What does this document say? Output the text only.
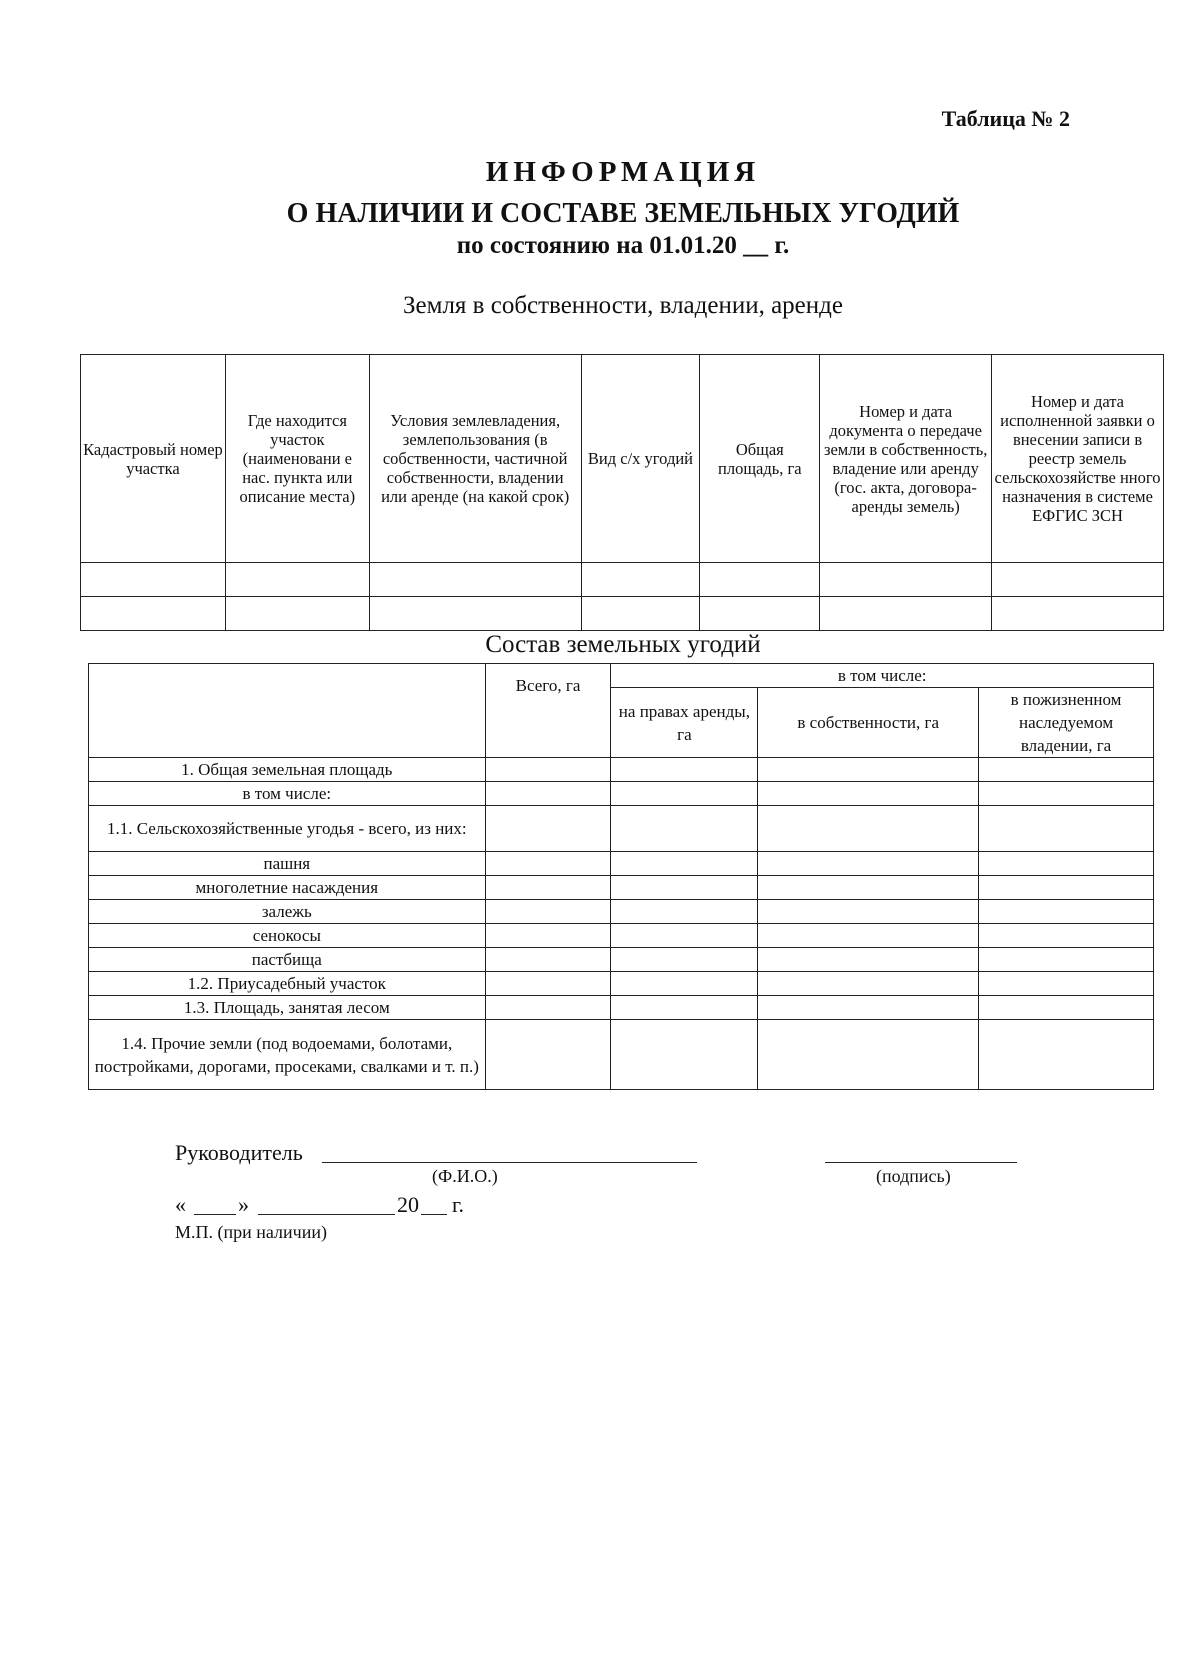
Таблица № 2
ИНФОРМАЦИЯ
О НАЛИЧИИ И СОСТАВЕ ЗЕМЕЛЬНЫХ УГОДИЙ
по состоянию на 01.01.20 __ г.
Земля в собственности, владении, аренде
Кадастровый номер участка	Где находится участок (наименовани е нас. пункта или описание места)	Условия землевладения, землепользования (в собственности, частичной собственности, владении или аренде (на какой срок)	Вид с/х угодий	Общая площадь, га	Номер и дата документа о передаче земли в собственность, владение или аренду (гос. акта, договора-аренды земель)	Номер и дата исполненной заявки о внесении записи в реестр земель сельскохозяйстве нного назначения в системе ЕФГИС ЗСН

Состав земельных угодий
	Всего, га	в том числе:		
		на правах аренды, га	в собственности, га	в пожизненном наследуемом владении, га
1. Общая земельная площадь				
в том числе:				
1.1. Сельскохозяйственные угодья - всего, из них:				
пашня				
многолетние насаждения				
залежь				
сенокосы				
пастбища				
1.2. Приусадебный участок				
1.3. Площадь, занятая лесом				
1.4. Прочие земли (под водоемами, болотами, постройками, дорогами, просеками, свалками и т. п.)				
Руководитель
(Ф.И.О.)	(подпись)
« »	20 г.
М.П. (при наличии)
